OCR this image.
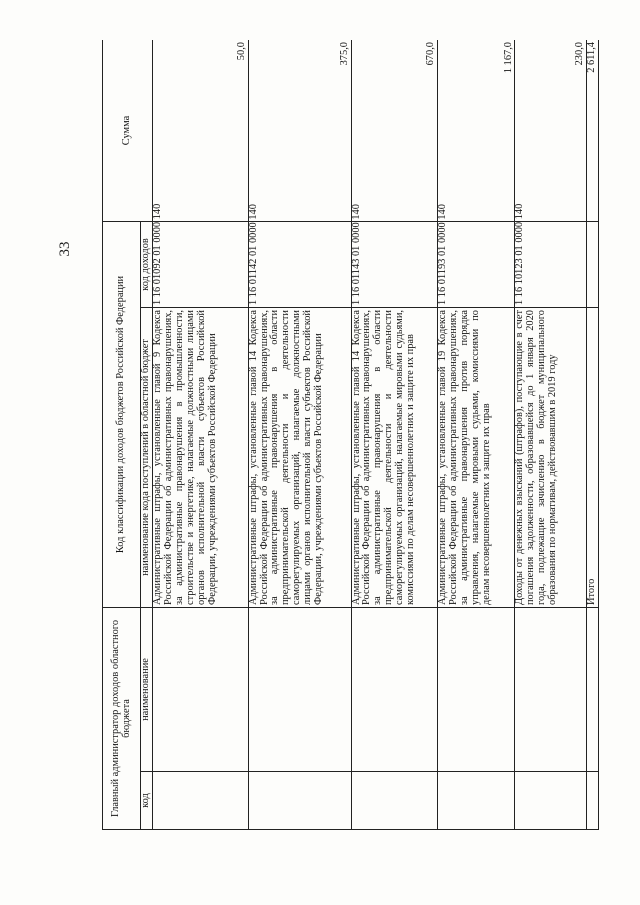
33
Главный администратор доходов областного бюджета		Код классификации доходов бюджетов Российской Федерации		Сумма
код	наименование	наименование кода поступлений в областной бюджет	код доходов	
		Административные штрафы, установленные главой 9 Кодекса Российской Федерации об административных правонарушениях, за административные правонарушения в промышленности, строительстве и энергетике, налагаемые должностными лицами органов исполнительной власти субъектов Российской Федерации, учреждениями субъектов Российской Федерации	1 16 01092 01 0000 140	50,0
		Административные штрафы, установленные главой 14 Кодекса Российской Федерации об административных правонарушениях, за административные правонарушения в области предпринимательской деятельности и деятельности саморегулируемых организаций, налагаемые должностными лицами органов исполнительной власти субъектов Российской Федерации, учреждениями субъектов Российской Федерации	1 16 01142 01 0000 140	375,0
		Административные штрафы, установленные главой 14 Кодекса Российской Федерации об административных правонарушениях, за административные правонарушения в области предпринимательской деятельности и деятельности саморегулируемых организаций, налагаемые мировыми судьями, комиссиями по делам несовершеннолетних и защите их прав	1 16 01143 01 0000 140	670,0
		Административные штрафы, установленные главой 19 Кодекса Российской Федерации об административных правонарушениях, за административные правонарушения против порядка управления, налагаемые мировыми судьями, комиссиями по делам несовершеннолетних и защите их прав	1 16 01193 01 0000 140	1 167,0
		Доходы от денежных взысканий (штрафов), поступающие в счет погашения задолженности, образовавшейся до 1 января 2020 года, подлежащие зачислению в бюджет муниципального образования по нормативам, действовавшим в 2019 году	1 16 10123 01 0000 140	230,0
		Итого		2 611,4
